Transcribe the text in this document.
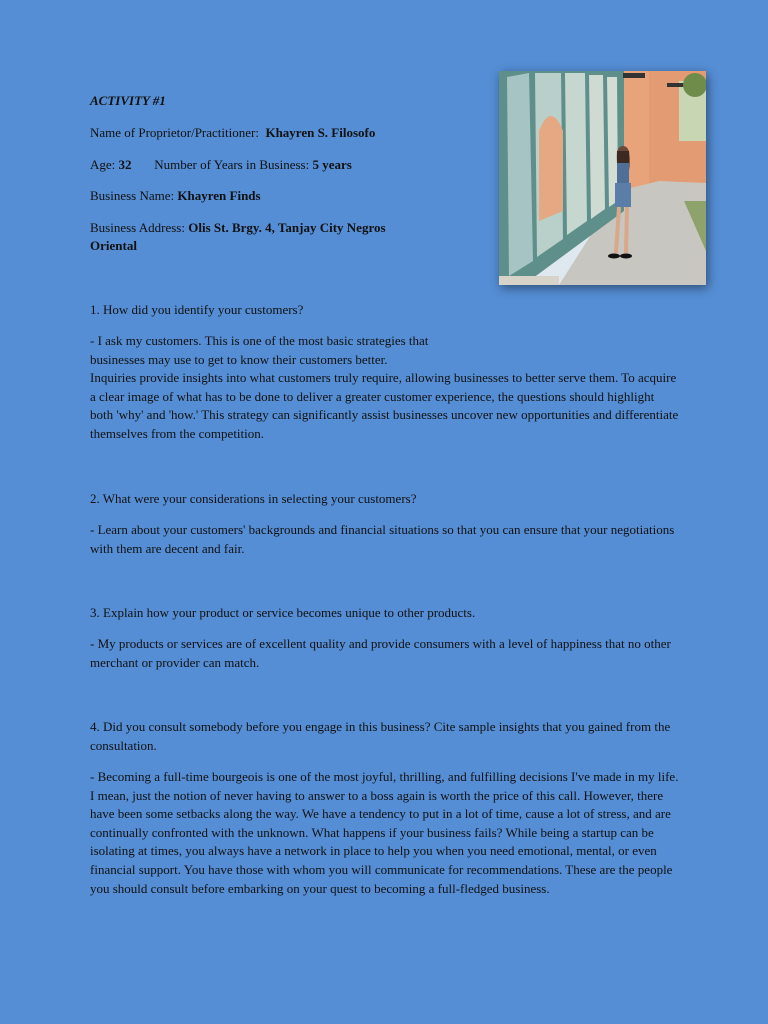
ACTIVITY #1
Name of Proprietor/Practitioner: Khayren S. Filosofo
Age: 32 Number of Years in Business: 5 years
Business Name: Khayren Finds
Business Address: Olis St. Brgy. 4, Tanjay City Negros Oriental
1. How did you identify your customers?
- I ask my customers. This is one of the most basic strategies that
businesses may use to get to know their customers better.
Inquiries provide insights into what customers truly require, allowing businesses to better serve them. To acquire a clear image of what has to be done to deliver a greater customer experience, the questions should highlight both 'why' and 'how.' This strategy can significantly assist businesses uncover new opportunities and differentiate themselves from the competition.
2. What were your considerations in selecting your customers?
- Learn about your customers' backgrounds and financial situations so that you can ensure that your negotiations with them are decent and fair.
3. Explain how your product or service becomes unique to other products.
- My products or services are of excellent quality and provide consumers with a level of happiness that no other merchant or provider can match.
4. Did you consult somebody before you engage in this business? Cite sample insights that you gained from the consultation.
- Becoming a full-time bourgeois is one of the most joyful, thrilling, and fulfilling decisions I've made in my life. I mean, just the notion of never having to answer to a boss again is worth the price of this call. However, there have been some setbacks along the way. We have a tendency to put in a lot of time, cause a lot of stress, and are continually confronted with the unknown. What happens if your business fails? While being a startup can be isolating at times, you always have a network in place to help you when you need emotional, mental, or even financial support. You have those with whom you will communicate for recommendations. These are the people you should consult before embarking on your quest to becoming a full-fledged business.
